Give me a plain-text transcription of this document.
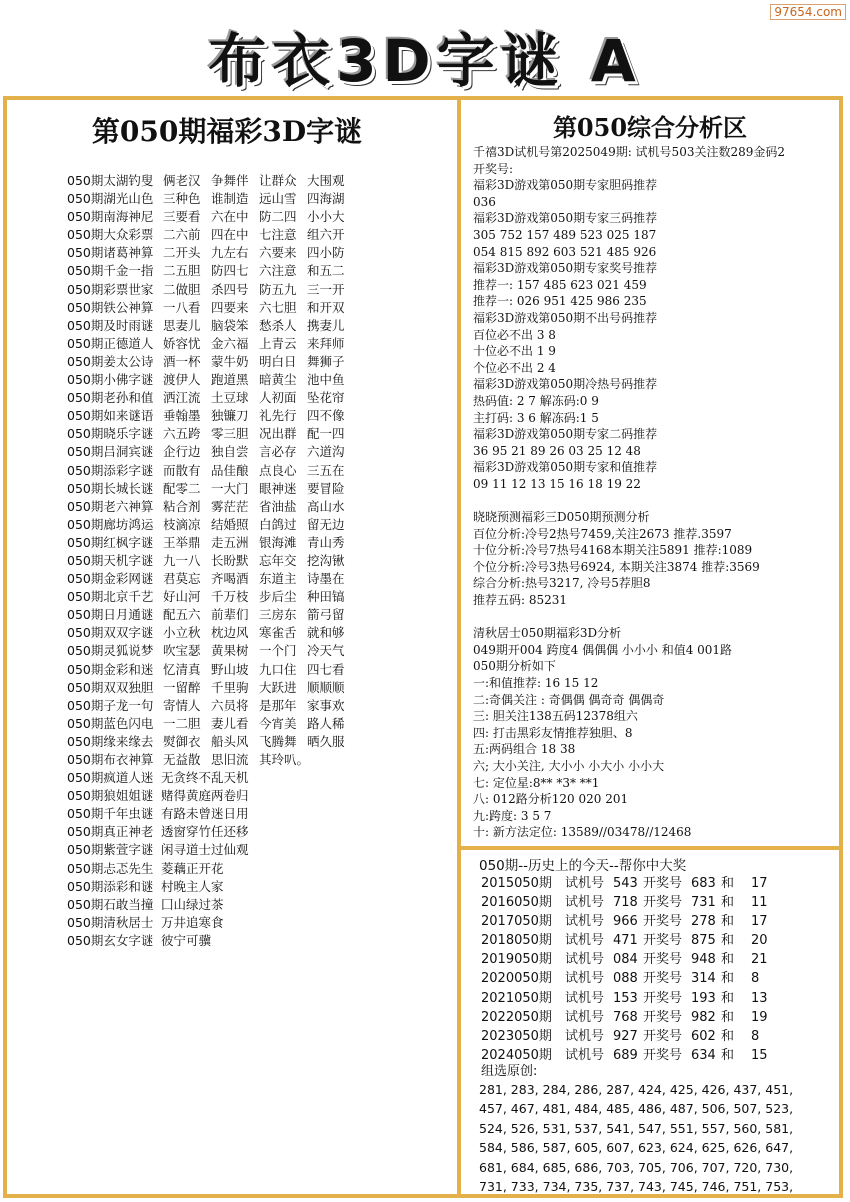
97654.com
布衣3D字谜 A
第050期福彩3D字谜
050期太湖钓叟 俩老汉 争舞伴 让群众 大围观
050期湖光山色 三种色 谁制造 远山雪 四海湖
050期南海神尼 三要看 六在中 防二四 小小大
050期大众彩票 二六前 四在中 七注意 组六开
050期诸葛神算 二开头 九左右 六要来 四小防
050期千金一指 二五胆 防四七 六注意 和五二
050期彩票世家 二做胆 杀四号 防五九 三一开
050期铁公神算 一八看 四要来 六七胆 和开双
050期及时雨谜 思妻儿 脑袋笨 愁杀人 携妻儿
050期正德道人 娇容忧 金六福 上青云 来拜师
050期姜太公诗 酒一杯 蒙牛奶 明白日 舞狮子
050期小佛字谜 渡伊人 跑道黑 暗黄尘 池中鱼
050期老孙和值 洒江流 土豆球 人初面 坠花帘
050期如来谜语 垂翰墨 独镰刀 礼先行 四不像
050期晓乐字谜 六五跨 零三胆 况出群 配一四
050期吕洞宾谜 企行边 独自尝 言必存 六道沟
050期添彩字谜 而散有 品佳酿 点良心 三五在
050期长城长谜 配零二 一大门 眼神迷 要冒险
050期老六神算 粘合剂 雾茫茫 省油盐 高山水
050期廊坊鸿运 枝滴凉 结婚照 白鸽过 留无边
050期红枫字谜 王举鼎 走五洲 银海滩 青山秀
050期天机字谜 九一八 长盼默 忘年交 挖沟锹
050期金彩网谜 君莫忘 齐喝酒 东道主 诗墨在
050期北京千艺 好山河 千万枝 步后尘 种田镐
050期日月通谜 配五六 前辈们 三房东 箭弓留
050期双双字谜 小立秋 枕边风 寒雀舌 就和够
050期灵狐说梦 吹宝瑟 黄果树 一个门 冷天气
050期金彩和迷 忆清真 野山坡 九口住 四七看
050期双双独胆 一留醉 千里驹 大跃进 顺顺顺
050期子龙一句 寄情人 六员将 是那年 家事欢
050期蓝色闪电 一二胆 妻儿看 今宵美 路人稀
050期缘来缘去 熨御衣 船头风 飞腾舞 晒久服
050期布衣神算 无益散 思旧流 其玲叭。
050期疯道人迷 无贪终不乱天机
050期狼姐姐谜 赌得黄庭两卷归
050期千年虫谜 有路未曾迷日用
050期真正神老 透窗穿竹任还移
050期紫萱字谜 闲寻道士过仙观
050期忐忑先生 菱藕正开花
050期添彩和谜 村晚主人家
050期石敢当撞 囗山绿过茶
050期清秋居士 万井追寒食
050期玄女字谜 彼宁可骥
第050综合分析区
千禧3D试机号第2025049期: 试机号503关注数289金码2
开奖号:
福彩3D游戏第050期专家胆码推荐
036
福彩3D游戏第050期专家三码推荐
305 752 157 489 523 025 187
054 815 892 603 521 485 926
福彩3D游戏第050期专家奖号推荐
推荐一: 157 485 623 021 459
推荐一: 026 951 425 986 235
福彩3D游戏第050期不出号码推荐
百位必不出 3 8
十位必不出 1 9
个位必不出 2 4
福彩3D游戏第050期冷热号码推荐
热码值: 2 7 解冻码:0 9
主打码: 3 6 解冻码:1 5
福彩3D游戏第050期专家二码推荐
36 95 21 89 26 03 25 12 48
福彩3D游戏第050期专家和值推荐
09 11 12 13 15 16 18 19 22
晓晓预测福彩三D050期预测分析
百位分析:冷号2热号7459,关注2673 推荐.3597
十位分析:冷号7热号4168本期关注5891 推荐:1089
个位分析:冷号3热号6924, 本期关注3874 推荐:3569
综合分析:热号3217, 冷号5荐胆8
推荐五码: 85231
清秋居士050期福彩3D分析
049期开004 跨度4 偶偶偶 小小小 和值4 001路
050期分析如下
一:和值推荐: 16 15 12
二:奇偶关注 : 奇偶偶 偶奇奇 偶偶奇
三: 胆关注138五码12378组六
四: 打击黑彩友情推荐独胆、8
五:两码组合 18 38
六; 大小关注, 大小小 小大小 小小大
七: 定位星:8** *3* **1
八: 012路分析120 020 201
九:跨度: 3 5 7
十: 新方法定位: 13589//03478//12468
050期--历史上的今天--帮你中大奖
2015050期 试机号 543 开奖号 683 和 17
2016050期 试机号 718 开奖号 731 和 11
2017050期 试机号 966 开奖号 278 和 17
2018050期 试机号 471 开奖号 875 和 20
2019050期 试机号 084 开奖号 948 和 21
2020050期 试机号 088 开奖号 314 和 8
2021050期 试机号 153 开奖号 193 和 13
2022050期 试机号 768 开奖号 982 和 19
2023050期 试机号 927 开奖号 602 和 8
2024050期 试机号 689 开奖号 634 和 15
组选原创:
281, 283, 284, 286, 287, 424, 425, 426, 437, 451,
457, 467, 481, 484, 485, 486, 487, 506, 507, 523,
524, 526, 531, 537, 541, 547, 551, 557, 560, 581,
584, 586, 587, 605, 607, 623, 624, 625, 626, 647,
681, 684, 685, 686, 703, 705, 706, 707, 720, 730,
731, 733, 734, 735, 737, 743, 745, 746, 751, 753,
